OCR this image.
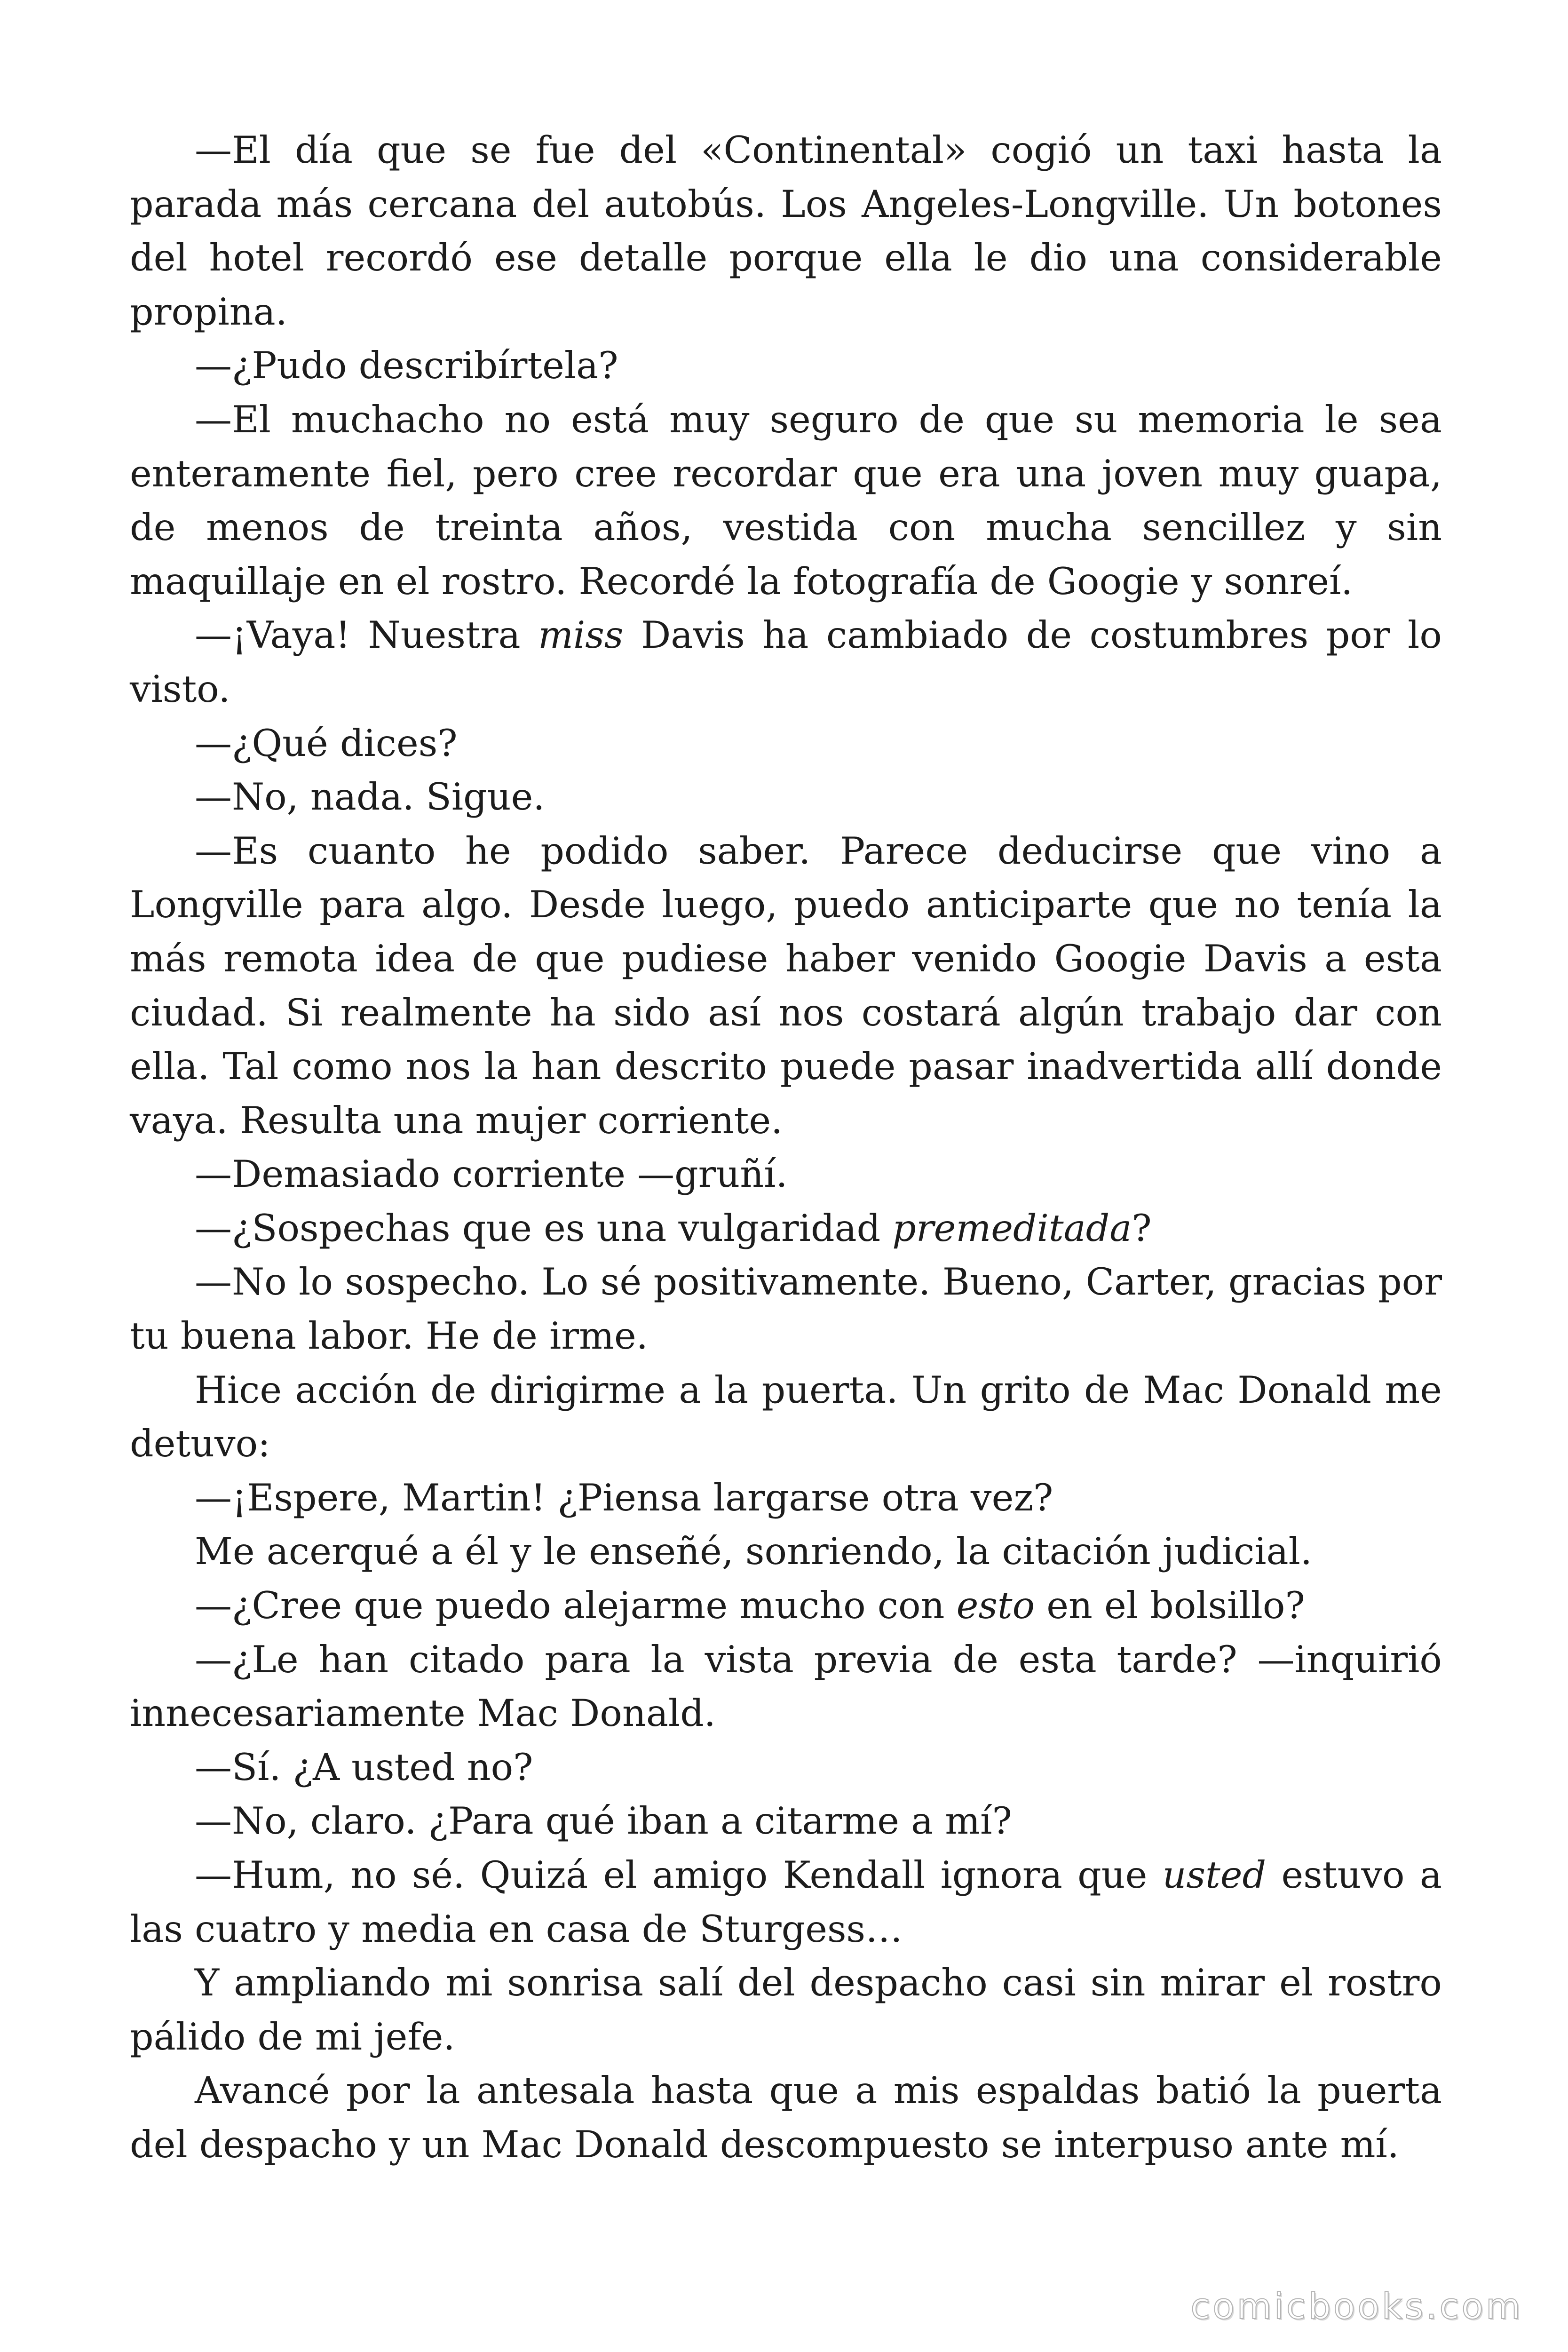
—El día que se fue del «Continental» cogió un taxi hasta la parada más cercana del autobús. Los Angeles-Longville. Un botones del hotel recordó ese detalle porque ella le dio una considerable propina.

—¿Pudo describírtela?

—El muchacho no está muy seguro de que su memoria le sea enteramente fiel, pero cree recordar que era una joven muy guapa, de menos de treinta años, vestida con mucha sencillez y sin maquillaje en el rostro. Recordé la fotografía de Googie y sonreí.

—¡Vaya! Nuestra miss Davis ha cambiado de costumbres por lo visto.

—¿Qué dices?

—No, nada. Sigue.

—Es cuanto he podido saber. Parece deducirse que vino a Longville para algo. Desde luego, puedo anticiparte que no tenía la más remota idea de que pudiese haber venido Googie Davis a esta ciudad. Si realmente ha sido así nos costará algún trabajo dar con ella. Tal como nos la han descrito puede pasar inadvertida allí donde vaya. Resulta una mujer corriente.

—Demasiado corriente —gruñí.

—¿Sospechas que es una vulgaridad premeditada?

—No lo sospecho. Lo sé positivamente. Bueno, Carter, gracias por tu buena labor. He de irme.

Hice acción de dirigirme a la puerta. Un grito de Mac Donald me detuvo:

—¡Espere, Martin! ¿Piensa largarse otra vez?

Me acerqué a él y le enseñé, sonriendo, la citación judicial.

—¿Cree que puedo alejarme mucho con esto en el bolsillo?

—¿Le han citado para la vista previa de esta tarde? —inquirió innecesariamente Mac Donald.

—Sí. ¿A usted no?

—No, claro. ¿Para qué iban a citarme a mí?

—Hum, no sé. Quizá el amigo Kendall ignora que usted estuvo a las cuatro y media en casa de Sturgess…

Y ampliando mi sonrisa salí del despacho casi sin mirar el rostro pálido de mi jefe.

Avancé por la antesala hasta que a mis espaldas batió la puerta del despacho y un Mac Donald descompuesto se interpuso ante mí.

comicbooks.com
